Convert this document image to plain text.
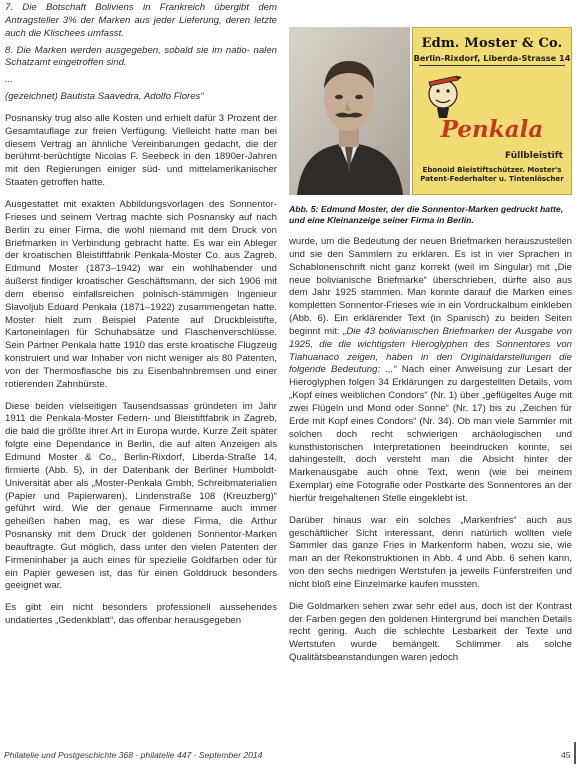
7. Die Botschaft Boliviens in Frankreich übergibt dem Antragsteller 3% der Marken aus jeder Lieferung, deren letzte auch die Klischees umfasst.

8. Die Marken werden ausgegeben, sobald sie im natio- nalen Schatzamt eingetroffen sind.

...

(gezeichnet) Bautista Saavedra, Adolfo Flores“

Posnansky trug also alle Kosten und erhielt dafür 3 Prozent der Gesamtauflage zur freien Verfügung. Vielleicht hatte man bei diesem Vertrag an ähnliche Vereinbarungen gedacht, die der berühmt-berüchtigte Nicolas F. Seebeck in den 1890er-Jahren mit den Regierungen einiger süd- und mittelamerikanischer Staaten getroffen hatte.

Ausgestattet mit exakten Abbildungsvorlagen des Sonnentor-Frieses und seinem Vertrag machte sich Posnansky auf nach Berlin zu einer Firma, die wohl niemand mit dem Druck von Briefmarken in Verbindung gebracht hatte. Es war ein Ableger der kroatischen Bleistiftfabrik Penkala-Moster Co. aus Zagreb. Edmund Moster (1873–1942) war ein wohlhabender und äußerst findiger kroatischer Geschäftsmann, der sich 1906 mit dem ebenso einfallsreichen polnisch-stämmigen Ingenieur Slavoljub Eduard Penkala (1871–1922) zusammengetan hatte. Moster hielt zum Beispiel Patente auf Druckbleistifte, Kartoneinlagen für Schuhabsätze und Flaschenverschlüsse. Sein Partner Penkala hatte 1910 das erste kroatische Flugzeug konstruiert und war Inhaber von nicht weniger als 80 Patenten, von der Thermosflasche bis zu Eisenbahnbremsen und einer rotierenden Zahnbürste.

Diese beiden vielseitigen Tausendsassas gründeten im Jahr 1911 die Penkala-Moster Federn- und Bleistiftfabrik in Zagreb, die bald die größte ihrer Art in Europa wurde. Kurze Zeit später folgte eine Dependance in Berlin, die auf alten Anzeigen als Edmund Moster & Co., Berlin-Rixdorf, Liberda-Straße 14, firmierte (Abb. 5), in der Datenbank der Berliner Humboldt-Universität aber als „Moster-Penkala Gmbh, Schreibmaterialien (Papier und Papierwaren), Lindenstraße 108 (Kreuzberg)“ geführt wird. Wie der genaue Firmenname auch immer geheißen haben mag, es war diese Firma, die Arthur Posnansky mit dem Druck der goldenen Sonnentor-Marken beauftragte. Gut möglich, dass unter den vielen Patenten der Firmeninhaber ja auch eines für spezielle Goldfarben oder für ein Papier gewesen ist, das für einen Golddruck besonders geeignet war.

Es gibt ein nicht besonders professionell aussehendes undatiertes „Gedenkblatt“, das offenbar herausgegeben

Edm. Moster & Co.
Berlin-Rixdorf, Liberda-Strasse 14
Penkala
Füllbleistift
Ebonoid Bleistiftschützer. Moster's
Patent-Federhalter u. Tintenlöscher
Abb. 5: Edmund Moster, der die Sonnentor-Marken gedruckt hatte, und eine Kleinanzeige seiner Firma in Berlin.

wurde, um die Bedeutung der neuen Briefmarken herauszustellen und sie den Sammlern zu erklaren. Es ist in vier Sprachen in Schablonenschrift nicht ganz korrekt (weil im Singular) mit „Die neue bolivianische Briefmarke“ überschrieben, dürfte also aus dem Jahr 1925 stammen. Man konnte darauf die Marken eines kompletten Sonnentor-Frieses wie in ein Vordruckalbum einkleben (Abb. 6). Ein erklärender Text (in Spanisch) zu beiden Seiten beginnt mit: „Die 43 bolivianischen Briefmarken der Ausgabe von 1925, die die wichtigsten Hieroglyphen des Sonnentores von Tiahuanaco zeigen, haben in den Originaldarstellungen die folgende Bedeutung: ...“ Nach einer Anweisung zur Lesart der Hieroglyphen folgen 34 Erklärungen zu dargestellten Details, vom „Kopf eines weiblichen Condors“ (Nr. 1) über „geflügeltes Auge mit zwei Flügeln und Mond oder Sonne“ (Nr. 17) bis zu „Zeichen für Erde mit Kopf eines Condors“ (Nr. 34). Ob man viele Sammler mit solchen doch recht schwierigen archäologischen und kunsthistorischen Interpretationen beeindrucken konnte, sei dahingestellt, doch versteht man die Absicht hinter der Markenausgabe auch ohne Text, wenn (wie bei meinem Exemplar) eine Fotografie oder Postkarte des Sonnentores an der hierfür freigehaltenen Stelle eingeklebt ist.

Darüber hinaus war ein solches „Markenfries“ auch aus geschäftlicher Sicht interessant, denn natürlich wollten viele Sammler das ganze Fries in Markenform haben, wozu sie, wie man an der Rekonstruktionen in Abb. 4 und Abb. 6 sehen kann, von den sechs niedrigen Wertstufen ja jeweils Fünferstreifen und nicht bloß eine Einzelmarke kaufen mussten.

Die Goldmarken sehen zwar sehr edel aus, doch ist der Kontrast der Farben gegen den goldenen Hintergrund bei manchen Details recht gering. Auch die schlechte Lesbarkeit der Texte und Wertstufen wurde bemängelt. Schlimmer als solche Qualitätsbeanstandungen waren jedoch

Philatelie und Postgeschichte 368 · philatelie 447 · September 2014	45
